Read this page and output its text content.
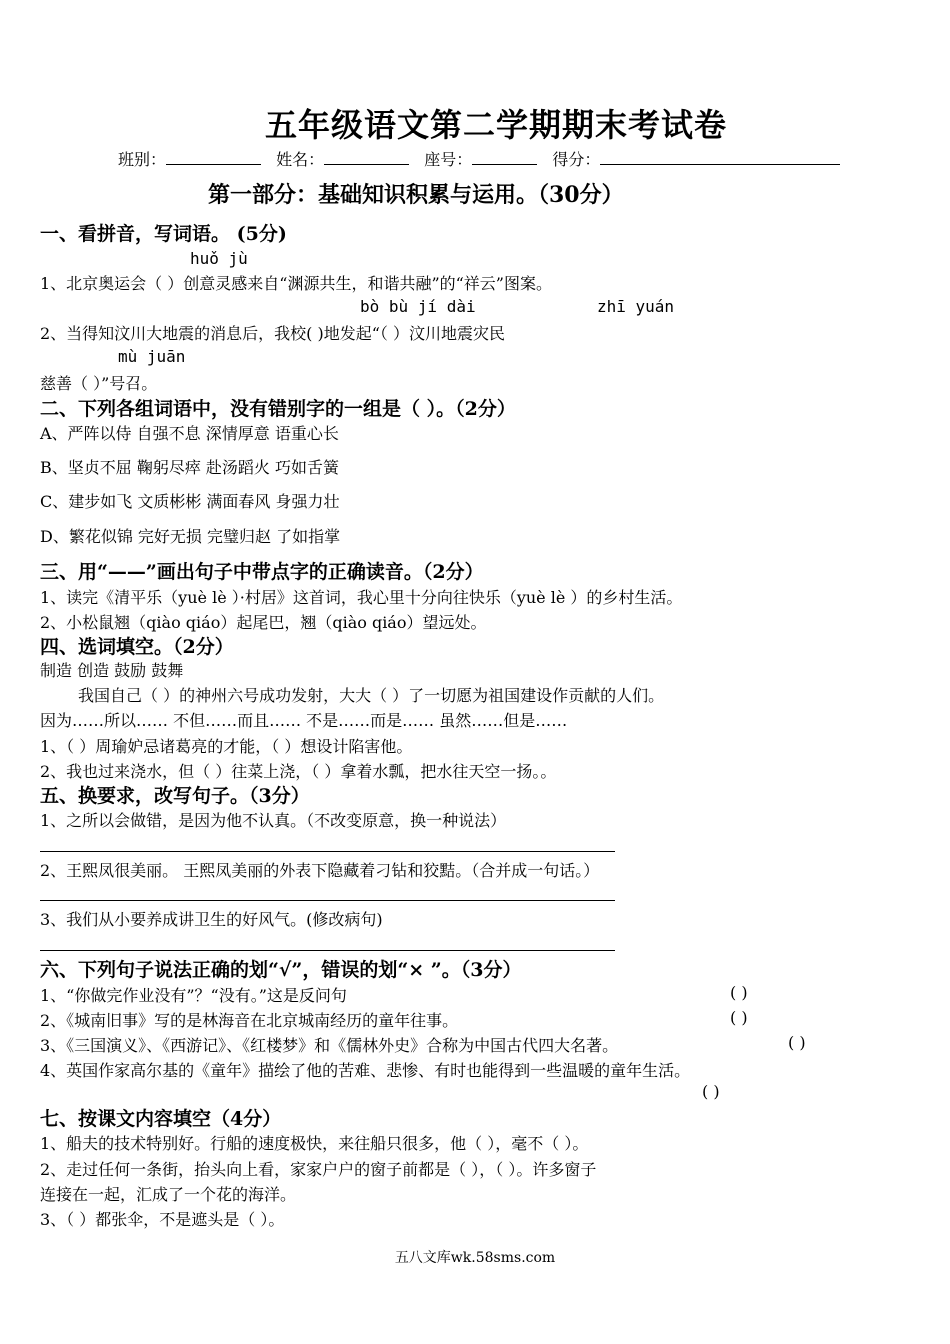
五年级语文第二学期期末考试卷
班别：	姓名：	座号：	得分：
第一部分：基础知识积累与运用。（30分）
一、看拼音，写词语。 (5分)
huǒ jù
1、北京奥运会（ ）创意灵感来自“渊源共生，和谐共融”的“祥云”图案。
bò bù jí dài	zhī yuán
2、当得知汶川大地震的消息后，我校( )地发起“（ ）汶川地震灾民
mù juān
慈善（ ）”号召。
二、下列各组词语中，没有错别字的一组是（ ）。（2分）
A、严阵以侍 自强不息 深情厚意 语重心长
B、坚贞不屈 鞠躬尽瘁 赴汤蹈火 巧如舌簧
C、建步如飞 文质彬彬 满面春风 身强力壮
D、繁花似锦 完好无损 完璧归赵 了如指掌
三、用“——”画出句子中带点字的正确读音。（2分）
1、读完《清平乐（yuè lè ）·村居》这首词，我心里十分向往快乐（yuè lè ）的乡村生活。
2、小松鼠翘（qiào qiáo）起尾巴，翘（qiào qiáo）望远处。
四、选词填空。（2分）
制造 创造 鼓励 鼓舞
我国自己（ ）的神州六号成功发射，大大（ ）了一切愿为祖国建设作贡献的人们。
因为……所以…… 不但……而且…… 不是……而是…… 虽然……但是……
1、（ ）周瑜妒忌诸葛亮的才能，（ ）想设计陷害他。
2、我也过来浇水，但（ ）往菜上浇，（ ）拿着水瓢，把水往天空一扬。。
五、换要求，改写句子。（3分）
1、之所以会做错，是因为他不认真。（不改变原意，换一种说法）
2、王熙凤很美丽。 王熙凤美丽的外表下隐藏着刁钻和狡黠。（合并成一句话。）
3、我们从小要养成讲卫生的好风气。(修改病句)
六、下列句子说法正确的划“√”，错误的划“× ”。（3分）
1、“你做完作业没有”？“没有。”这是反问句	( )
2、《城南旧事》写的是林海音在北京城南经历的童年往事。	( )
3、《三国演义》、《西游记》、《红楼梦》和《儒林外史》合称为中国古代四大名著。	( )
4、英国作家高尔基的《童年》描绘了他的苦难、悲惨、有时也能得到一些温暖的童年生活。
( )
七、按课文内容填空（4分）
1、船夫的技术特别好。行船的速度极快，来往船只很多，他（ ），毫不（ ）。
2、走过任何一条街，抬头向上看，家家户户的窗子前都是（ ），（ ）。许多窗子
连接在一起，汇成了一个花的海洋。
3、（ ）都张伞，不是遮头是（ ）。
五八文库wk.58sms.com
